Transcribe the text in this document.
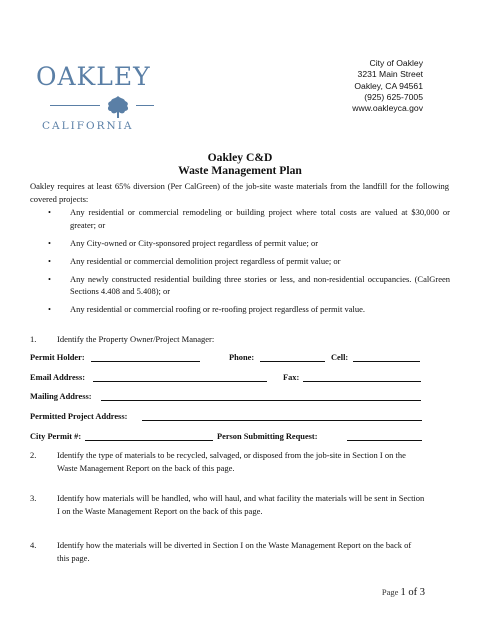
OAKLEY
CALIFORNIA
City of Oakley
3231 Main Street
Oakley, CA 94561
(925) 625-7005
www.oakleyca.gov
Oakley C&D
Waste Management Plan
Oakley requires at least 65% diversion (Per CalGreen) of the job-site waste materials from the landfill for the following covered projects:
• Any residential or commercial remodeling or building project where total costs are valued at $30,000 or greater; or
• Any City-owned or City-sponsored project regardless of permit value; or
• Any residential or commercial demolition project regardless of permit value; or
• Any newly constructed residential building three stories or less, and non-residential occupancies. (CalGreen Sections 4.408 and 5.408); or
• Any residential or commercial roofing or re-roofing project regardless of permit value.
1. Identify the Property Owner/Project Manager:
Permit Holder:	Phone:	Cell:
Email Address:	Fax:
Mailing Address:
Permitted Project Address:
City Permit #:	Person Submitting Request:
2. Identify the type of materials to be recycled, salvaged, or disposed from the job-site in Section I on the Waste Management Report on the back of this page.
3. Identify how materials will be handled, who will haul, and what facility the materials will be sent in Section I on the Waste Management Report on the back of this page.
4. Identify how the materials will be diverted in Section I on the Waste Management Report on the back of this page.
Page 1 of 3
